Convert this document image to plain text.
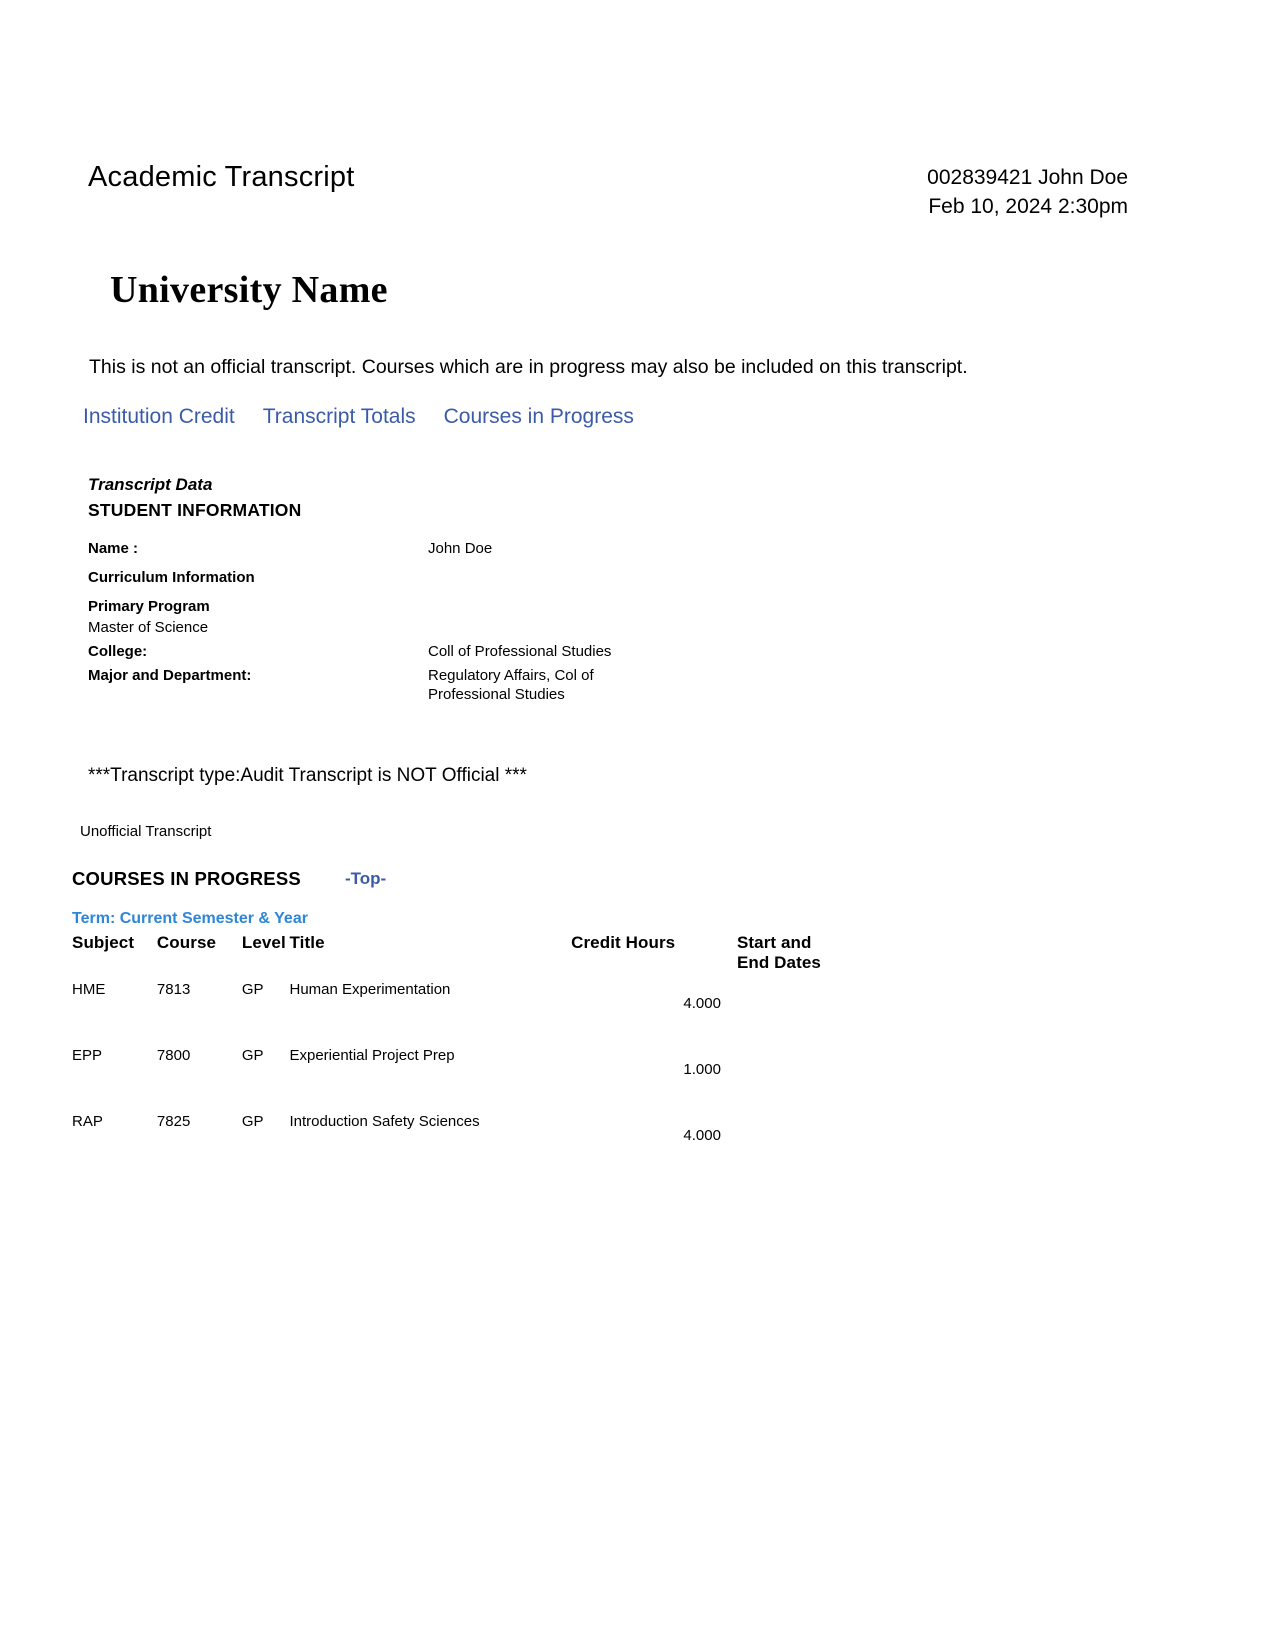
Academic Transcript	002839421 John Doe
Feb 10, 2024 2:30pm
University Name
This is not an official transcript. Courses which are in progress may also be included on this transcript.
Institution Credit	Transcript Totals	Courses in Progress
Transcript Data
STUDENT INFORMATION
Name :	John Doe
Curriculum Information	
Primary Program	
Master of Science	
College:	Coll of Professional Studies
Major and Department:	Regulatory Affairs, Col of Professional Studies
***Transcript type:Audit Transcript is NOT Official ***
Unofficial Transcript
COURSES IN PROGRESS	-Top-
Term: Current Semester & Year
Subject	Course	Level	Title	Credit Hours	Start and
End Dates

HME	7813	GP	Human Experimentation	4.000	

EPP	7800	GP	Experiential Project Prep	1.000	

RAP	7825	GP	Introduction Safety Sciences	4.000	
